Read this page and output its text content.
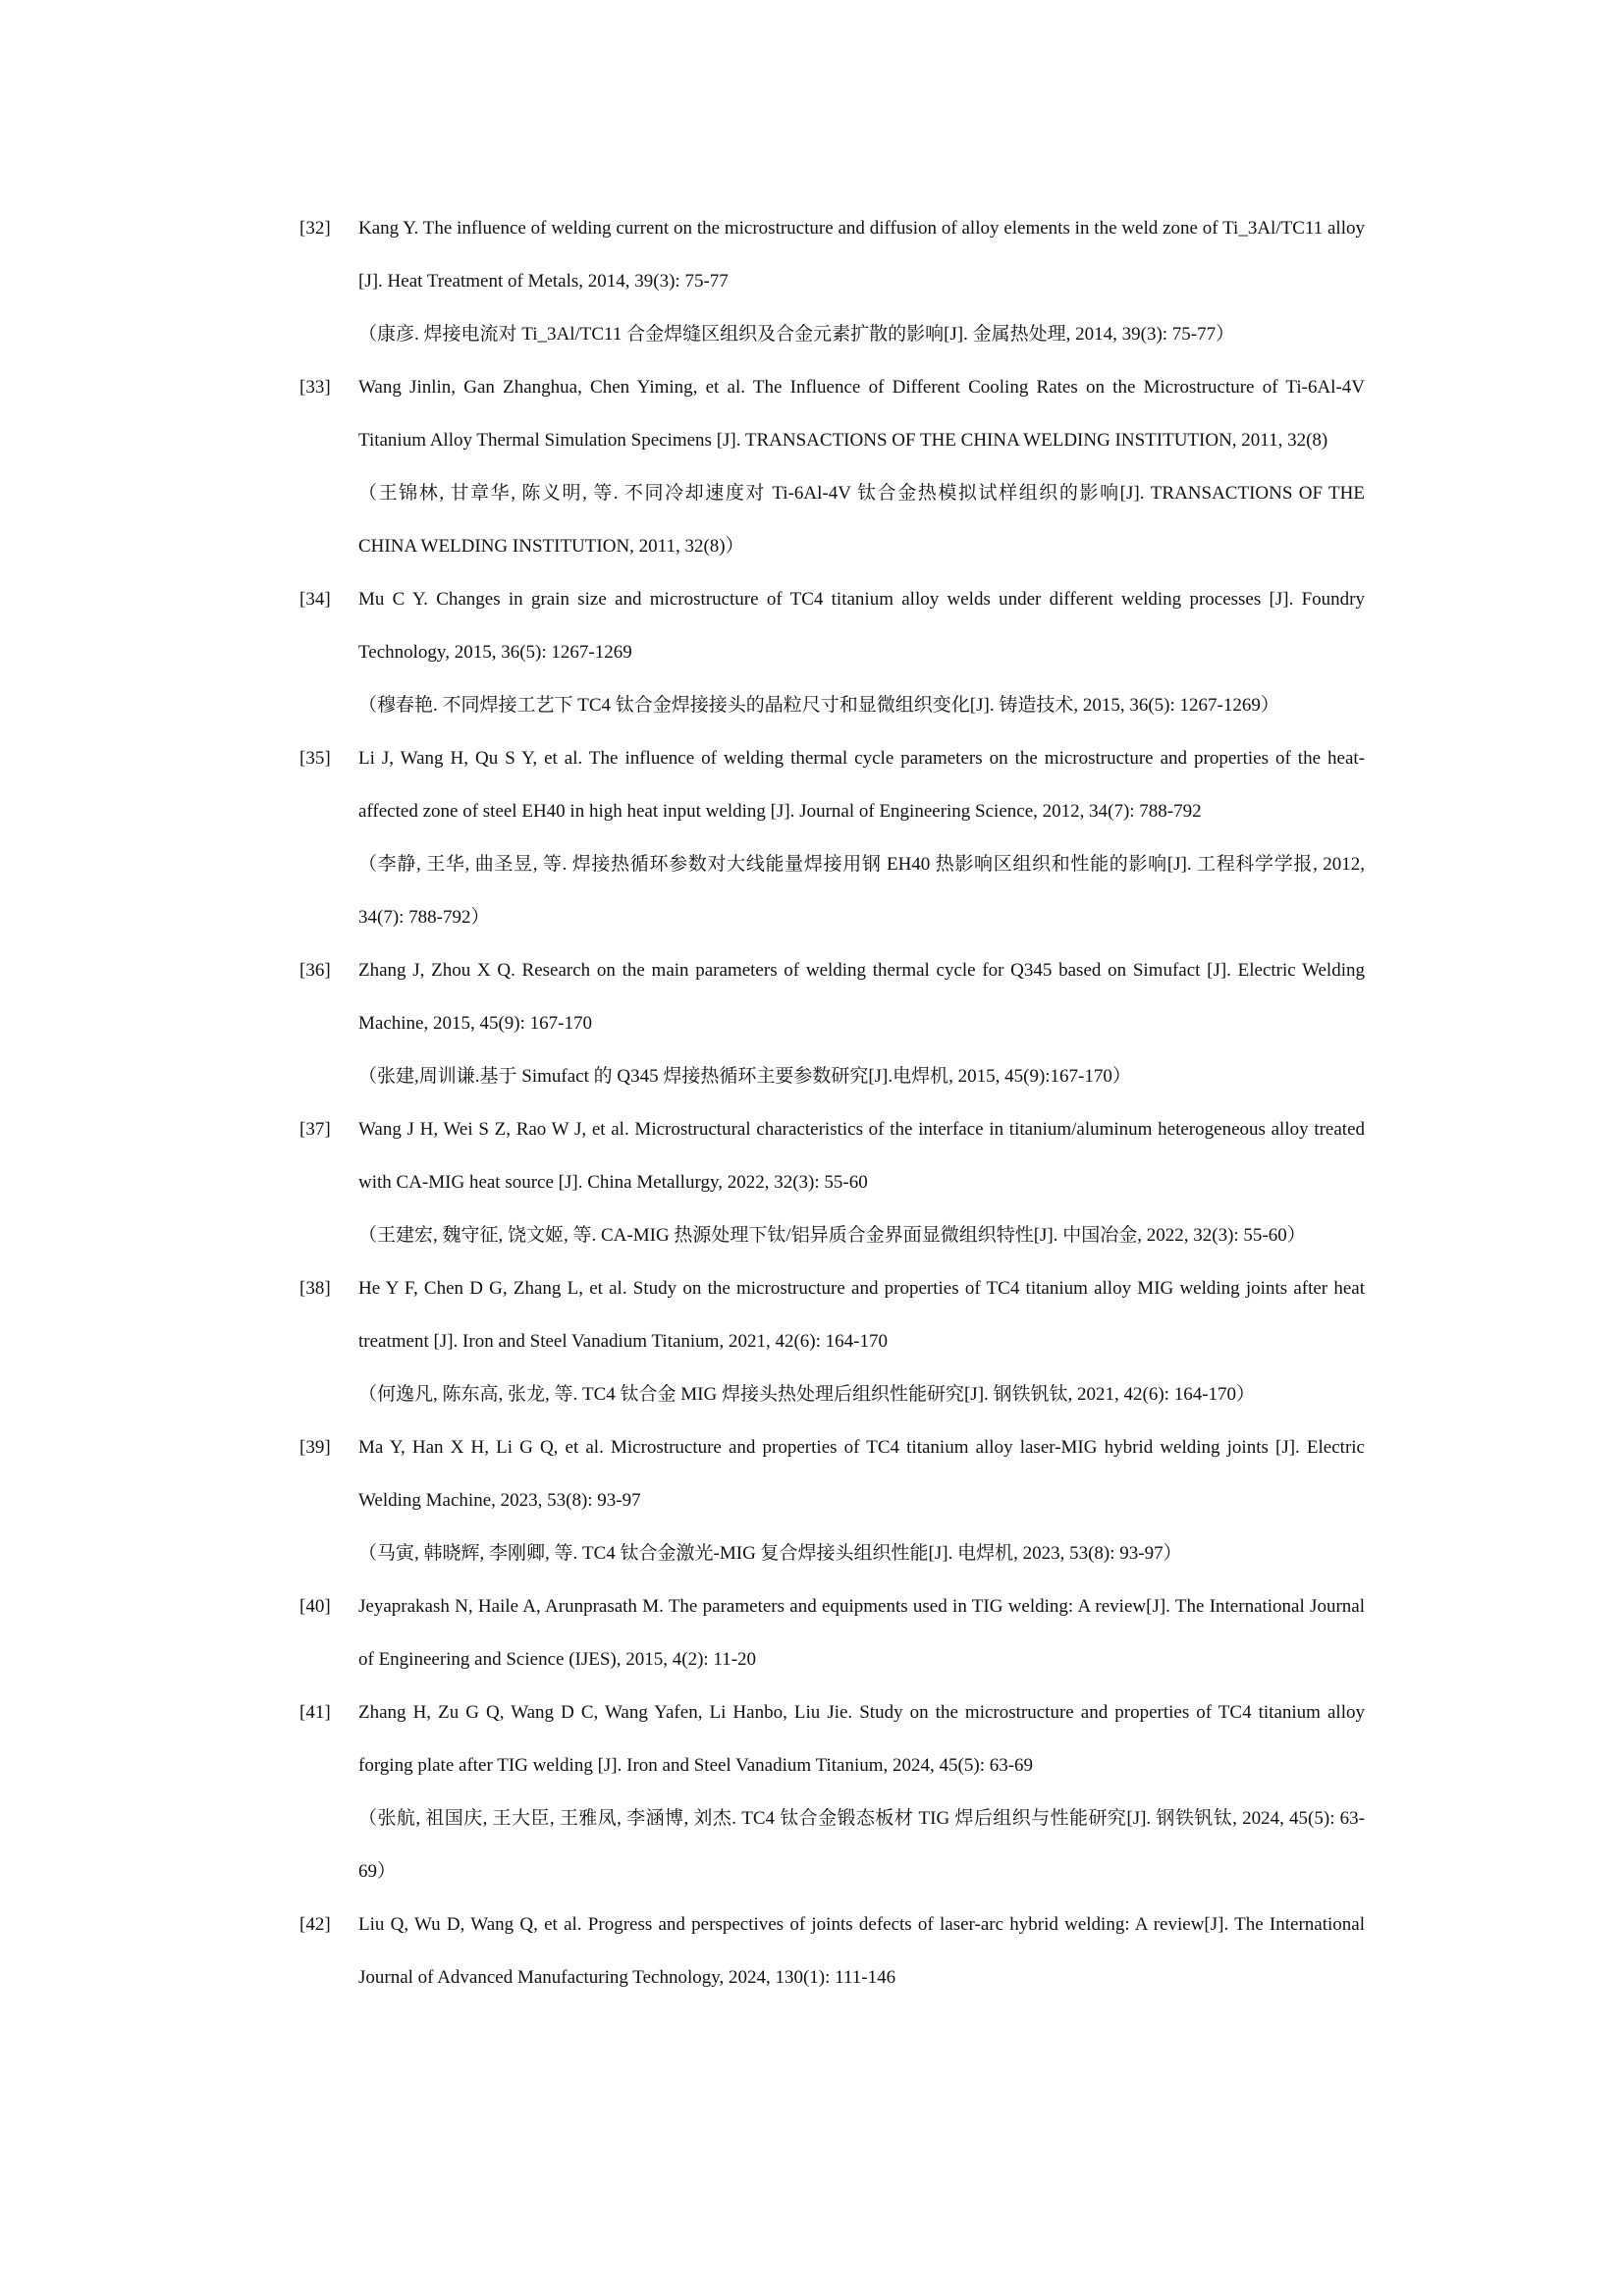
[32]	Kang Y. The influence of welding current on the microstructure and diffusion of alloy elements in the weld zone of Ti_3Al/TC11 alloy [J]. Heat Treatment of Metals, 2014, 39(3): 75-77
（康彦. 焊接电流对 Ti_3Al/TC11 合金焊缝区组织及合金元素扩散的影响[J]. 金属热处理, 2014, 39(3): 75-77）
[33]	Wang Jinlin, Gan Zhanghua, Chen Yiming, et al. The Influence of Different Cooling Rates on the Microstructure of Ti-6Al-4V Titanium Alloy Thermal Simulation Specimens [J]. TRANSACTIONS OF THE CHINA WELDING INSTITUTION, 2011, 32(8)
（王锦林, 甘章华, 陈义明, 等. 不同冷却速度对 Ti-6Al-4V 钛合金热模拟试样组织的影响[J]. TRANSACTIONS OF THE CHINA WELDING INSTITUTION, 2011, 32(8)）
[34]	Mu C Y. Changes in grain size and microstructure of TC4 titanium alloy welds under different welding processes [J]. Foundry Technology, 2015, 36(5): 1267-1269
（穆春艳. 不同焊接工艺下 TC4 钛合金焊接接头的晶粒尺寸和显微组织变化[J]. 铸造技术, 2015, 36(5): 1267-1269）
[35]	Li J, Wang H, Qu S Y, et al. The influence of welding thermal cycle parameters on the microstructure and properties of the heat-affected zone of steel EH40 in high heat input welding [J]. Journal of Engineering Science, 2012, 34(7): 788-792
（李静, 王华, 曲圣昱, 等. 焊接热循环参数对大线能量焊接用钢 EH40 热影响区组织和性能的影响[J]. 工程科学学报, 2012, 34(7): 788-792）
[36]	Zhang J, Zhou X Q. Research on the main parameters of welding thermal cycle for Q345 based on Simufact [J]. Electric Welding Machine, 2015, 45(9): 167-170
（张建,周训谦.基于 Simufact 的 Q345 焊接热循环主要参数研究[J].电焊机, 2015, 45(9):167-170）
[37]	Wang J H, Wei S Z, Rao W J, et al. Microstructural characteristics of the interface in titanium/aluminum heterogeneous alloy treated with CA-MIG heat source [J]. China Metallurgy, 2022, 32(3): 55-60
（王建宏, 魏守征, 饶文姬, 等. CA-MIG 热源处理下钛/铝异质合金界面显微组织特性[J]. 中国冶金, 2022, 32(3): 55-60）
[38]	He Y F, Chen D G, Zhang L, et al. Study on the microstructure and properties of TC4 titanium alloy MIG welding joints after heat treatment [J]. Iron and Steel Vanadium Titanium, 2021, 42(6): 164-170
（何逸凡, 陈东高, 张龙, 等. TC4 钛合金 MIG 焊接头热处理后组织性能研究[J]. 钢铁钒钛, 2021, 42(6): 164-170）
[39]	Ma Y, Han X H, Li G Q, et al. Microstructure and properties of TC4 titanium alloy laser-MIG hybrid welding joints [J]. Electric Welding Machine, 2023, 53(8): 93-97
（马寅, 韩晓辉, 李刚卿, 等. TC4 钛合金激光-MIG 复合焊接头组织性能[J]. 电焊机, 2023, 53(8): 93-97）
[40]	Jeyaprakash N, Haile A, Arunprasath M. The parameters and equipments used in TIG welding: A review[J]. The International Journal of Engineering and Science (IJES), 2015, 4(2): 11-20
[41]	Zhang H, Zu G Q, Wang D C, Wang Yafen, Li Hanbo, Liu Jie. Study on the microstructure and properties of TC4 titanium alloy forging plate after TIG welding [J]. Iron and Steel Vanadium Titanium, 2024, 45(5): 63-69
（张航, 祖国庆, 王大臣, 王雅凤, 李涵博, 刘杰. TC4 钛合金锻态板材 TIG 焊后组织与性能研究[J]. 钢铁钒钛, 2024, 45(5): 63-69）
[42]	Liu Q, Wu D, Wang Q, et al. Progress and perspectives of joints defects of laser-arc hybrid welding: A review[J]. The International Journal of Advanced Manufacturing Technology, 2024, 130(1): 111-146
